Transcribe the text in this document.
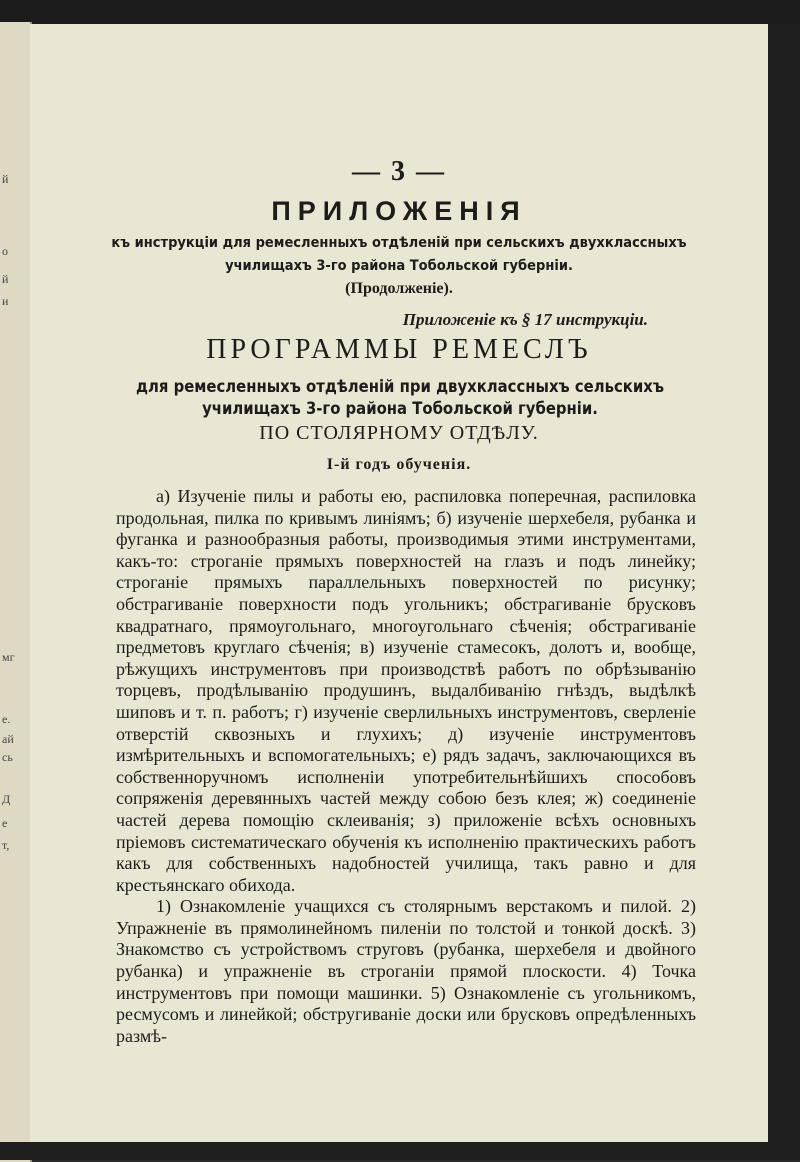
й
о
й
и
мг
е.
ай
сь
Д
е
т,
— 3 —
ПРИЛОЖЕНІЯ
къ инструкціи для ремесленныхъ отдѣленій при сельскихъ двухклассныхъ училищахъ 3-го района Тобольской губерніи.
(Продолженіе).
Приложеніе къ § 17 инструкціи.
ПРОГРАММЫ РЕМЕСЛЪ
для ремесленныхъ отдѣленій при двухклассныхъ сельскихъ училищахъ 3-го района Тобольской губерніи.
ПО СТОЛЯРНОМУ ОТДѢЛУ.
I-й годъ обученія.

а) Изученіе пилы и работы ею, распиловка поперечная, распиловка продольная, пилка по кривымъ линіямъ; б) изученіе шерхебеля, рубанка и фуганка и разнообразныя работы, производимыя этими инструментами, какъ-то: строганіе прямыхъ поверхностей на глазъ и подъ линейку; строганіе прямыхъ параллельныхъ поверхностей по рисунку; обстрагиваніе поверхности подъ угольникъ; обстрагиваніе брусковъ квадратнаго, прямоугольнаго, многоугольнаго сѣченія; обстрагиваніе предметовъ круглаго сѣченія; в) изученіе стамесокъ, долотъ и, вообще, рѣжущихъ инструментовъ при производствѣ работъ по обрѣзыванію торцевъ, продѣлыванію продушинъ, выдалбиванію гнѣздъ, выдѣлкѣ шиповъ и т. п. работъ; г) изученіе сверлильныхъ инструментовъ, сверленіе отверстій сквозныхъ и глухихъ; д) изученіе инструментовъ измѣрительныхъ и вспомогательныхъ; е) рядъ задачъ, заключающихся въ собственноручномъ исполненіи употребительнѣйшихъ способовъ сопряженія деревянныхъ частей между собою безъ клея; ж) соединеніе частей дерева помощію склеиванія; з) приложеніе всѣхъ основныхъ пріемовъ систематическаго обученія къ исполненію практическихъ работъ какъ для собственныхъ надобностей училища, такъ равно и для крестьянскаго обихода.

1) Ознакомленіе учащихся съ столярнымъ верстакомъ и пилой. 2) Упражненіе въ прямолинейномъ пиленіи по толстой и тонкой доскѣ. 3) Знакомство съ устройствомъ струговъ (рубанка, шерхебеля и двойного рубанка) и упражненіе въ строганіи прямой плоскости. 4) Точка инструментовъ при помощи машинки. 5) Ознакомленіе съ угольникомъ, ресмусомъ и линейкой; обстругиваніе доски или брусковъ опредѣленныхъ размѣ-
